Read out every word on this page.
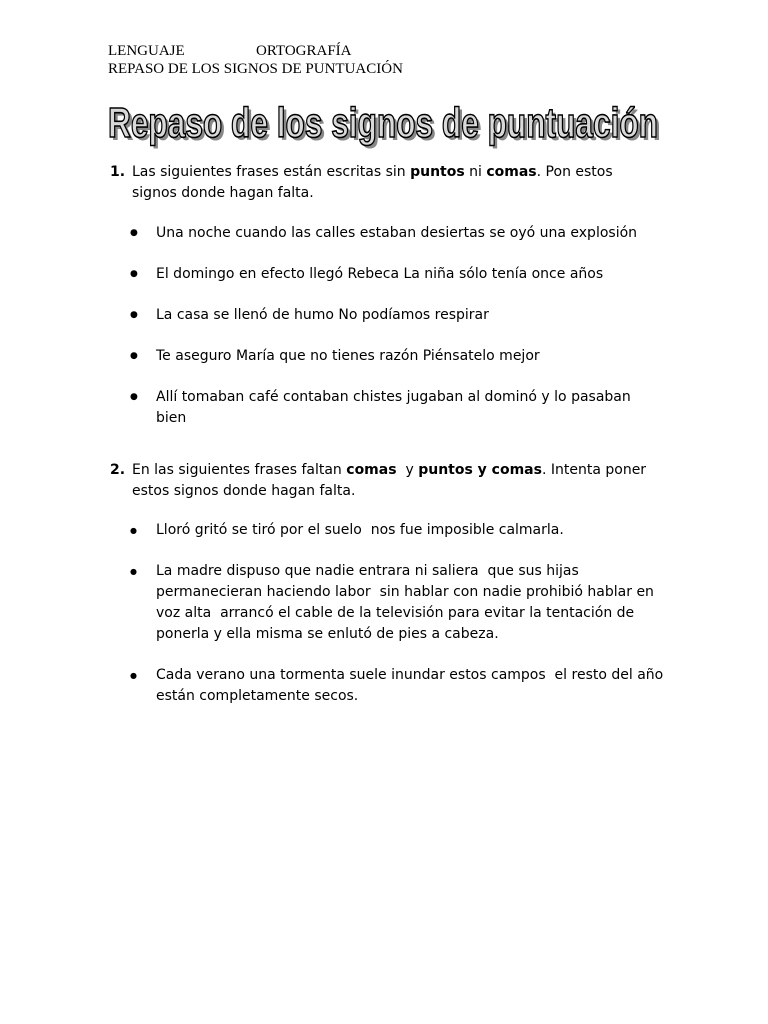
LENGUAJE	ORTOGRAFÍA
REPASO DE LOS SIGNOS DE PUNTUACIÓN
Repaso de los signos de puntuación
Repaso de los signos de puntuación
1. Las siguientes frases están escritas sin puntos ni comas. Pon estos
signos donde hagan falta.
● Una noche cuando las calles estaban desiertas se oyó una explosión
● El domingo en efecto llegó Rebeca La niña sólo tenía once años
● La casa se llenó de humo No podíamos respirar
● Te aseguro María que no tienes razón Piénsatelo mejor
● Allí tomaban café contaban chistes jugaban al dominó y lo pasaban bien
2. En las siguientes frases faltan comas  y puntos y comas. Intenta poner
estos signos donde hagan falta.
● Lloró gritó se tiró por el suelo  nos fue imposible calmarla.
● La madre dispuso que nadie entrara ni saliera  que sus hijas permanecieran haciendo labor  sin hablar con nadie prohibió hablar en voz alta  arrancó el cable de la televisión para evitar la tentación de ponerla y ella misma se enlutó de pies a cabeza.
● Cada verano una tormenta suele inundar estos campos  el resto del año  están completamente secos.
